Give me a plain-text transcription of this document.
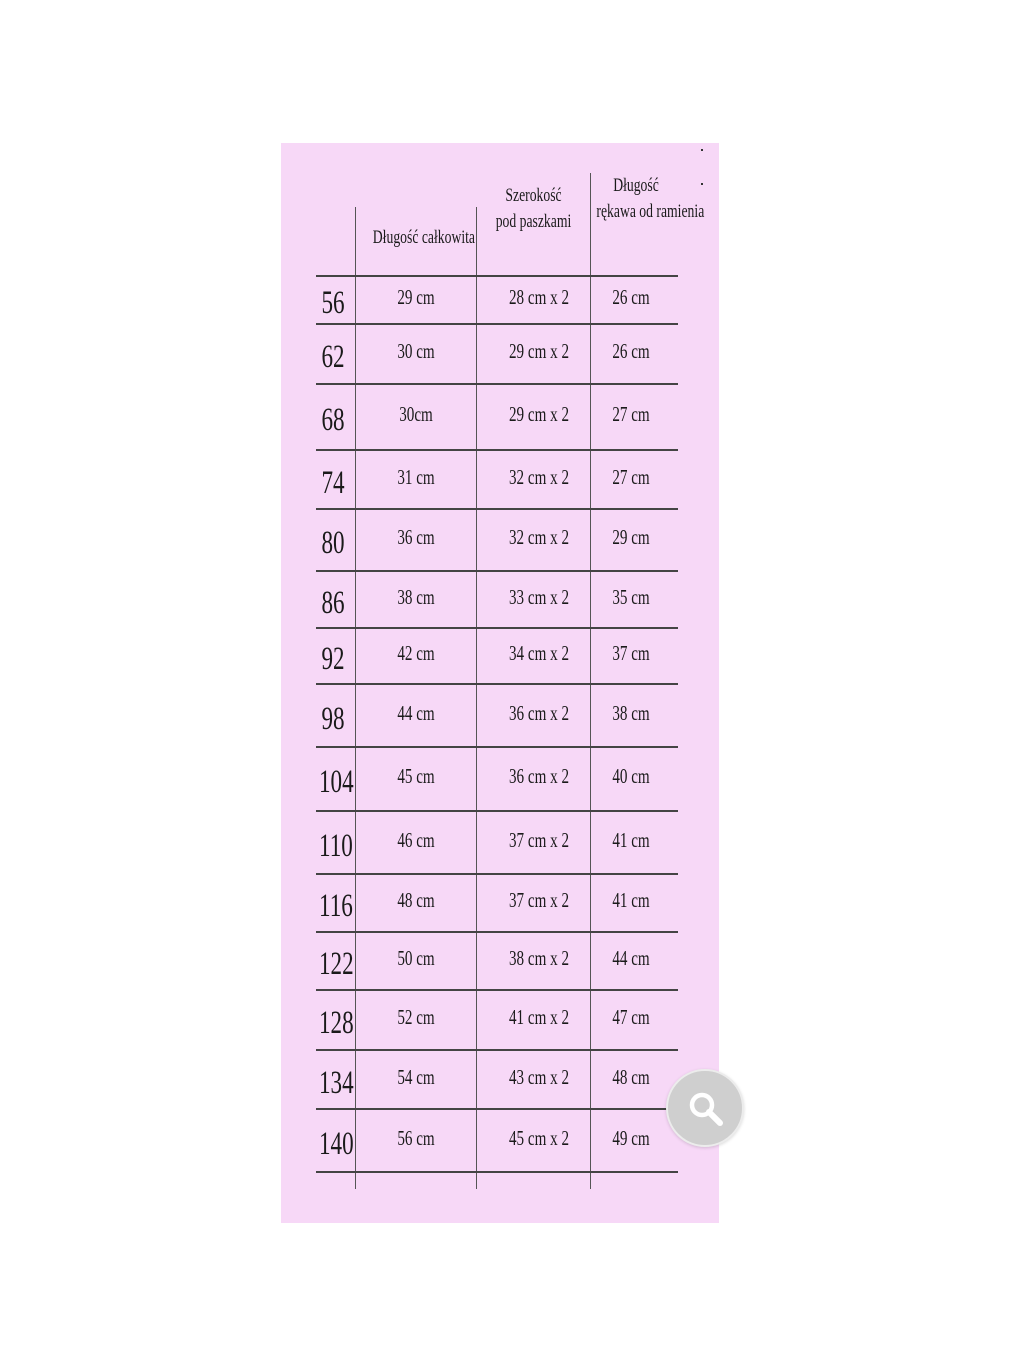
Długość całkowita
Szerokość
pod paszkami
Długość
rękawa od ramienia
56	29 cm	28 cm x 2	26 cm
62	30 cm	29 cm x 2	26 cm
68	30cm	29 cm x 2	27 cm
74	31 cm	32 cm x 2	27 cm
80	36 cm	32 cm x 2	29 cm
86	38 cm	33 cm x 2	35 cm
92	42 cm	34 cm x 2	37 cm
98	44 cm	36 cm x 2	38 cm
104	45 cm	36 cm x 2	40 cm
110	46 cm	37 cm x 2	41 cm
116	48 cm	37 cm x 2	41 cm
122	50 cm	38 cm x 2	44 cm
128	52 cm	41 cm x 2	47 cm
134	54 cm	43 cm x 2	48 cm
140	56 cm	45 cm x 2	49 cm
